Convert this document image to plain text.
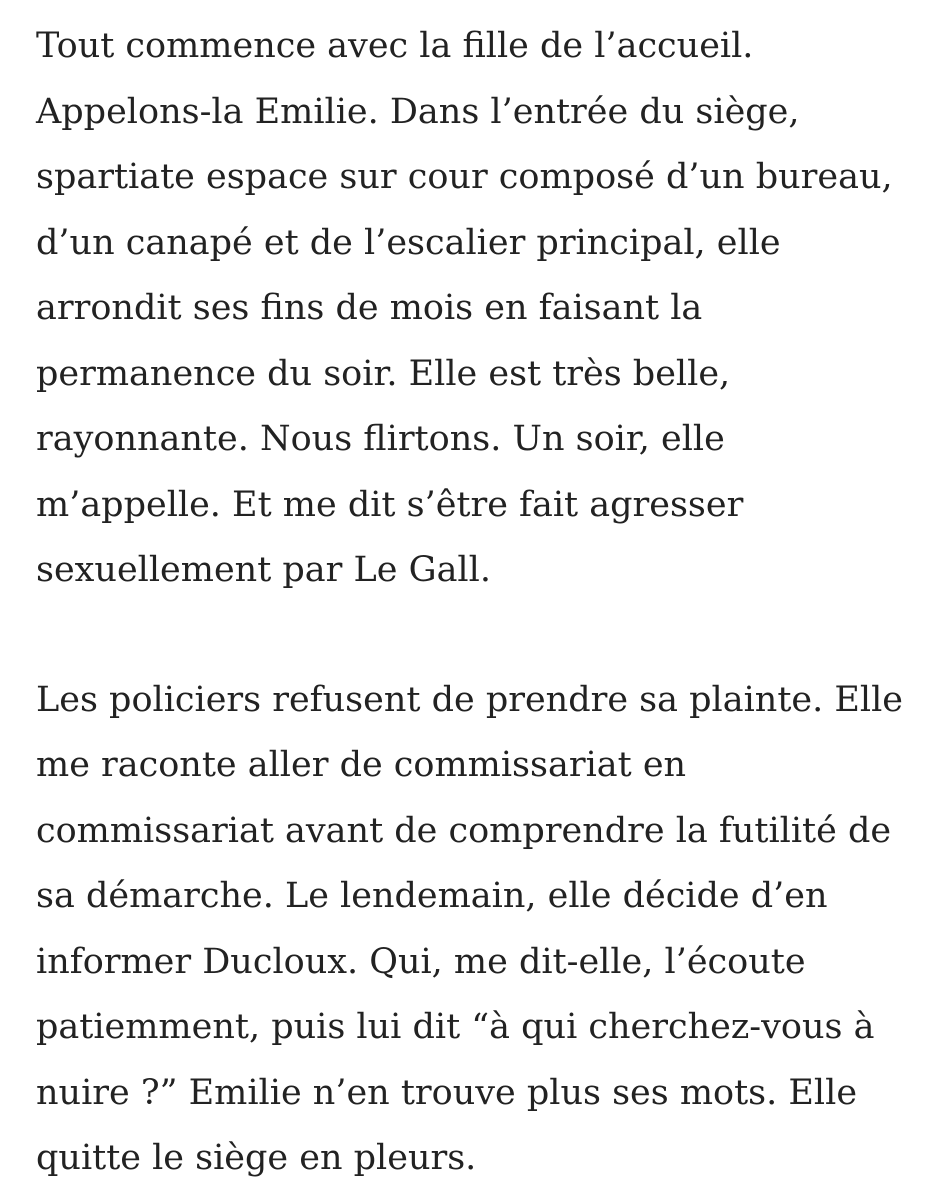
Tout commence avec la fille de l’accueil.
Appelons-la Emilie. Dans l’entrée du siège,
spartiate espace sur cour composé d’un bureau,
d’un canapé et de l’escalier principal, elle
arrondit ses fins de mois en faisant la
permanence du soir. Elle est très belle,
rayonnante. Nous flirtons. Un soir, elle
m’appelle. Et me dit s’être fait agresser
sexuellement par Le Gall.

Les policiers refusent de prendre sa plainte. Elle
me raconte aller de commissariat en
commissariat avant de comprendre la futilité de
sa démarche. Le lendemain, elle décide d’en
informer Ducloux. Qui, me dit-elle, l’écoute
patiemment, puis lui dit “à qui cherchez-vous à
nuire ?” Emilie n’en trouve plus ses mots. Elle
quitte le siège en pleurs.
